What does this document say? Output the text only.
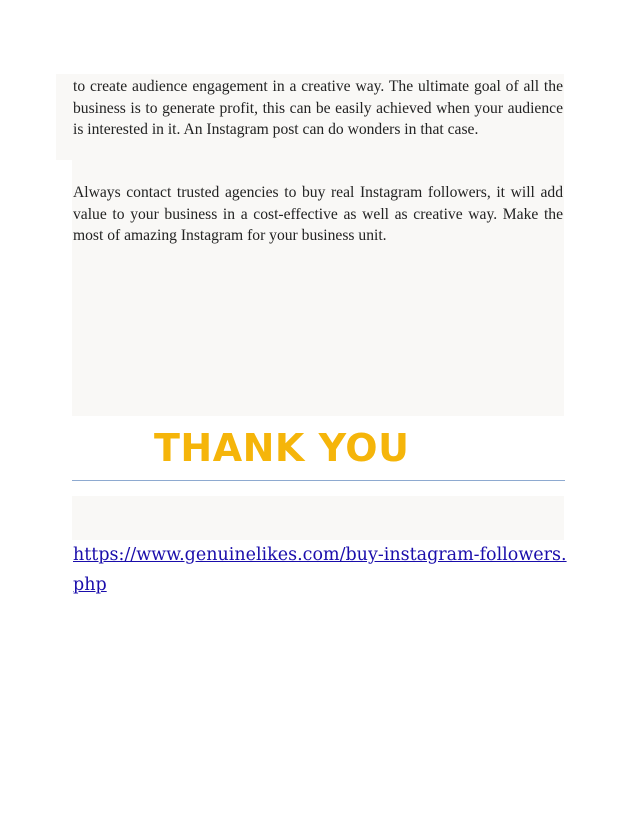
to create audience engagement in a creative way. The ultimate goal of all the business is to generate profit, this can be easily achieved when your audience is interested in it. An Instagram post can do wonders in that case.

Always contact trusted agencies to buy real Instagram followers, it will add value to your business in a cost-effective as well as creative way. Make the most of amazing Instagram for your business unit.

THANK YOU
https://www.genuinelikes.com/buy-instagram-followers.php
